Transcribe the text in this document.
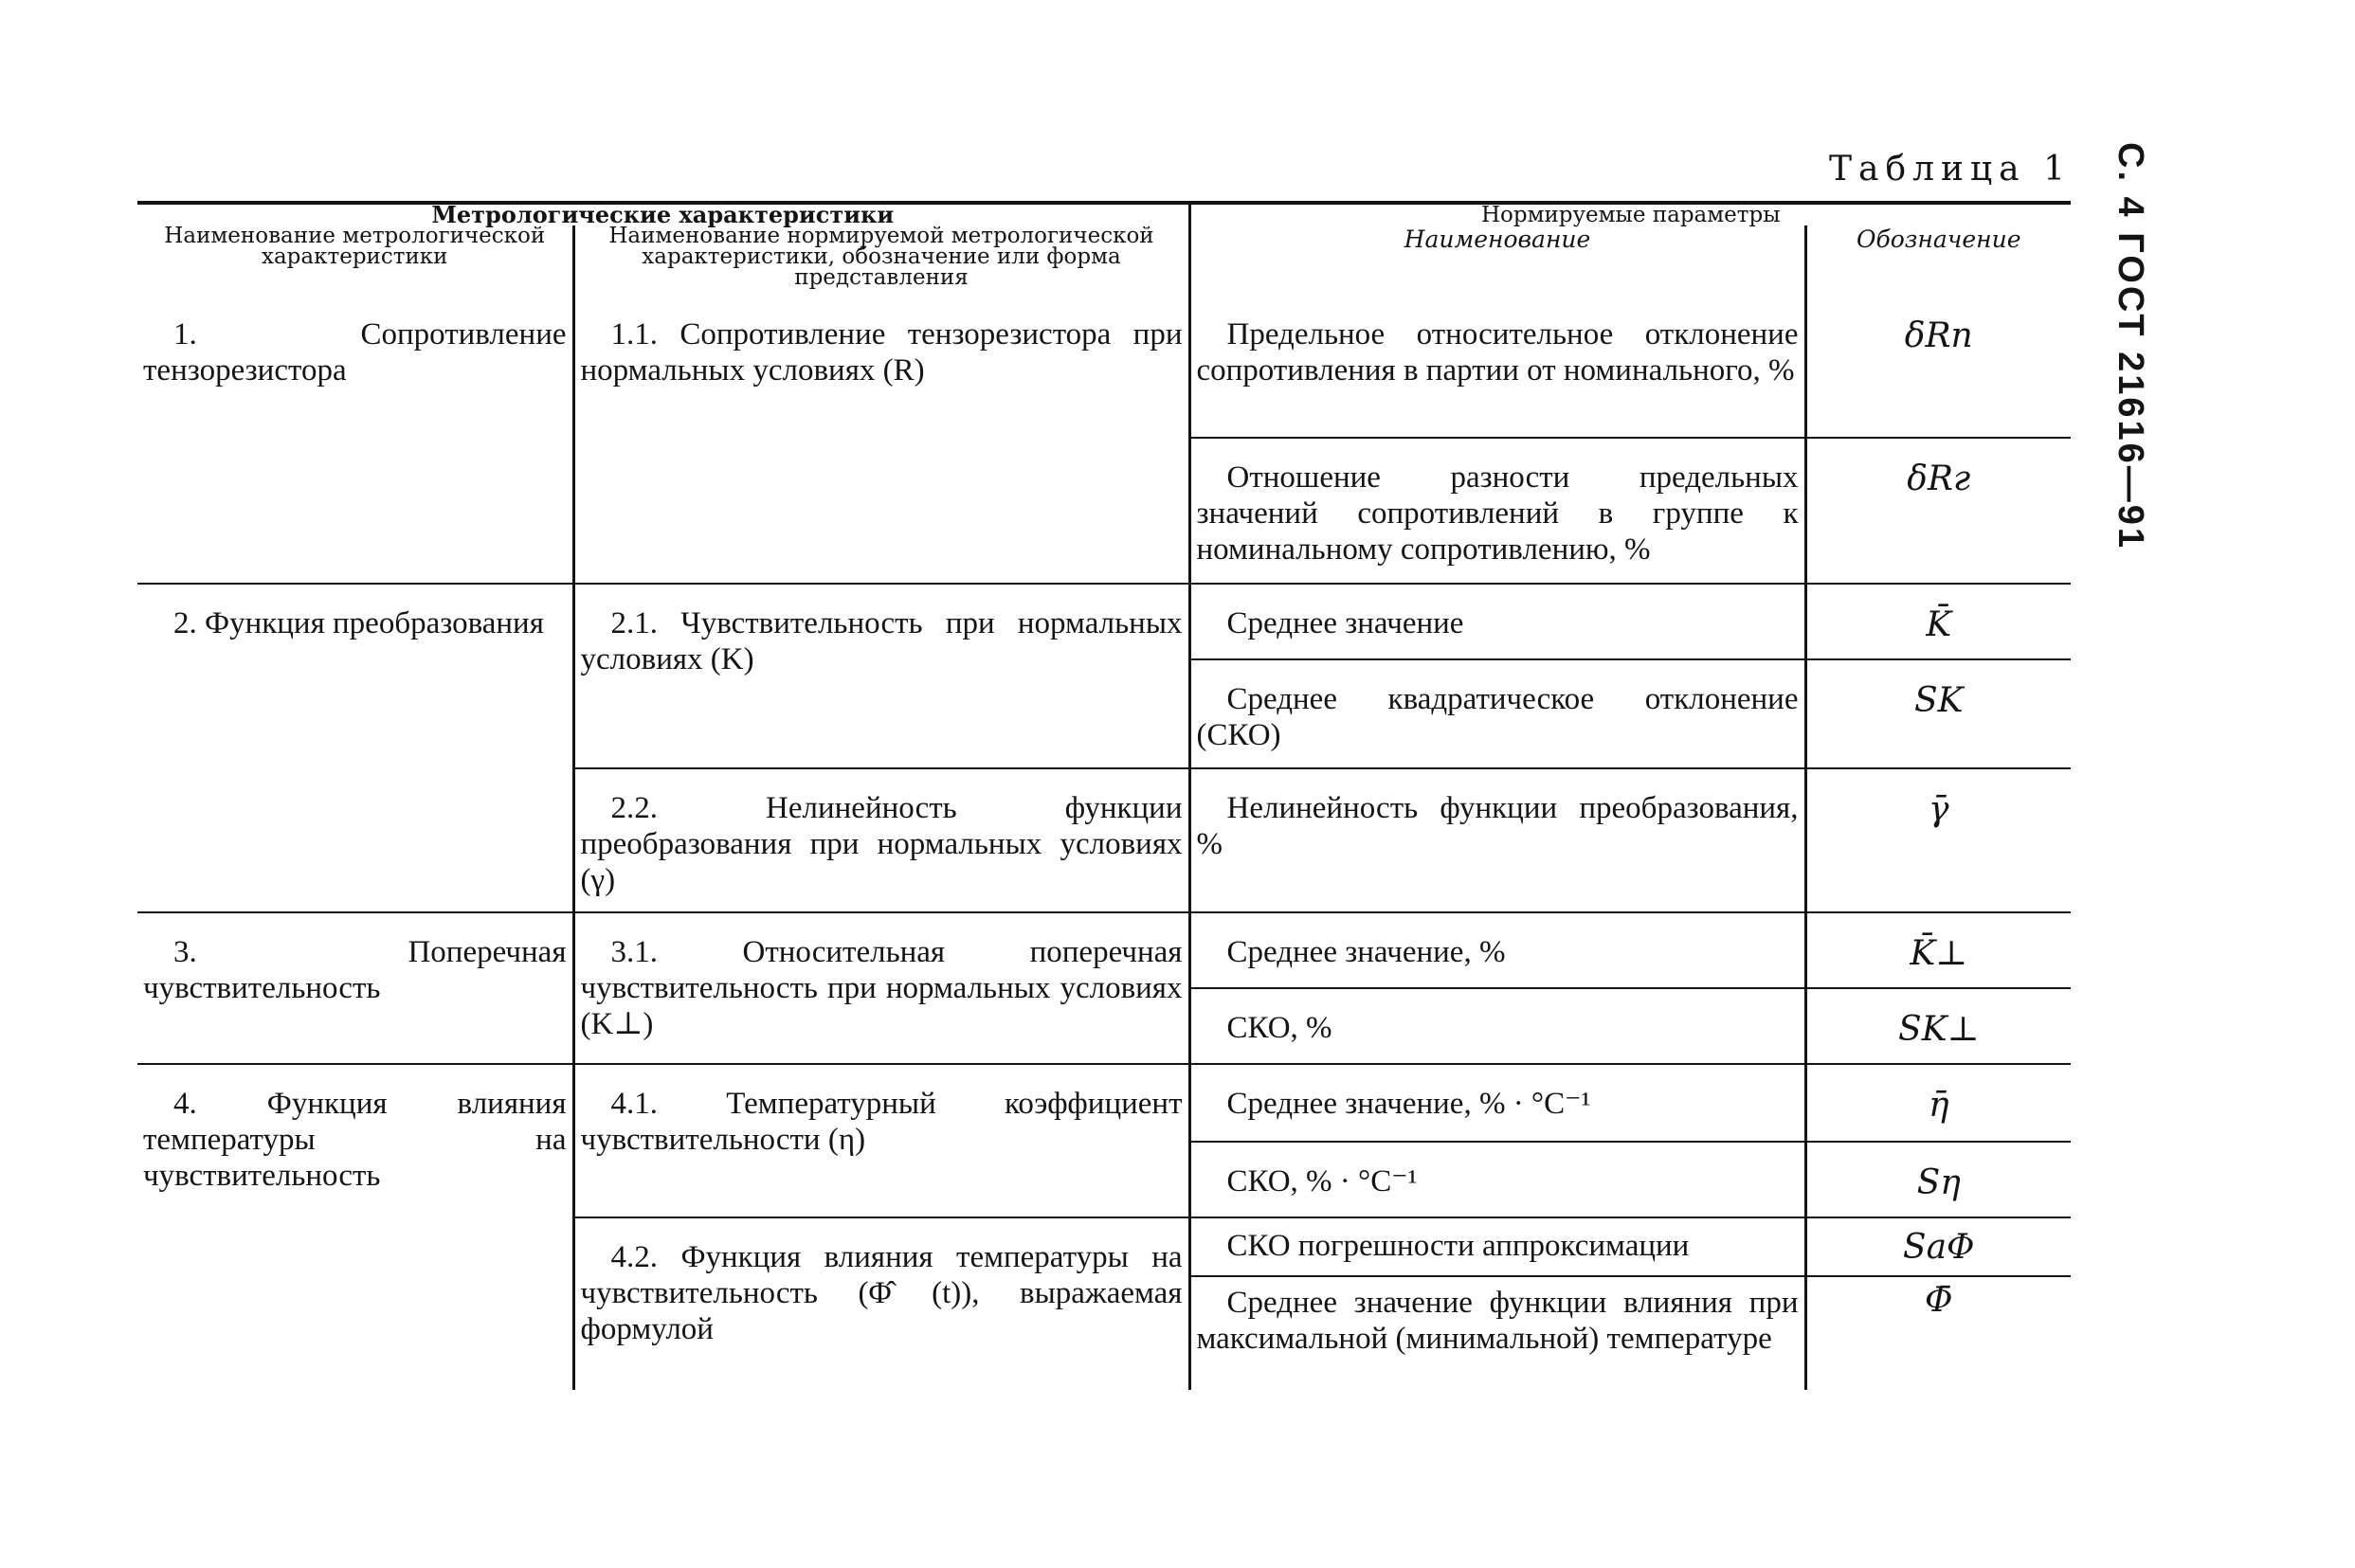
С. 4 ГОСТ 21616—91
Таблица 1

Метрологические характеристики		Нормируемые параметры	
Наименование метрологической характеристики	Наименование нормируемой метрологической характеристики, обозначение или форма представления	Наименование	Обозначение

1. Сопротивление тензорезистора	1.1. Сопротивление тензорезистора при нормальных условиях (R)	Предельное относительное отклонение сопротивления в партии от номинального, %	δRп

		Отношение разности предельных значений сопротивлений в группе к номинальному сопротивлению, %	δRг

2. Функция преобразования	2.1. Чувствительность при нормальных условиях (K)	Среднее значение	K̄

		Среднее квадратическое отклонение (СКО)	SK

	2.2. Нелинейность функции преобразования при нормальных условиях (γ)	Нелинейность функции преобразования, %	γ̄

3. Поперечная чувствительность	3.1. Относительная поперечная чувствительность при нормальных условиях (K⊥)	Среднее значение, %	K̄⊥

		СКО, %	SK⊥

4. Функция влияния температуры на чувствительность	4.1. Температурный коэффициент чувствительности (η)	Среднее значение, % · °C⁻¹	η̄

		СКО, % · °C⁻¹	Sη

	4.2. Функция влияния температуры на чувствительность (Φ̂ (t)), выражаемая формулой	СКО погрешности аппроксимации	SаΦ

		Среднее значение функции влияния при максимальной (минимальной) температуре	Φ̄
